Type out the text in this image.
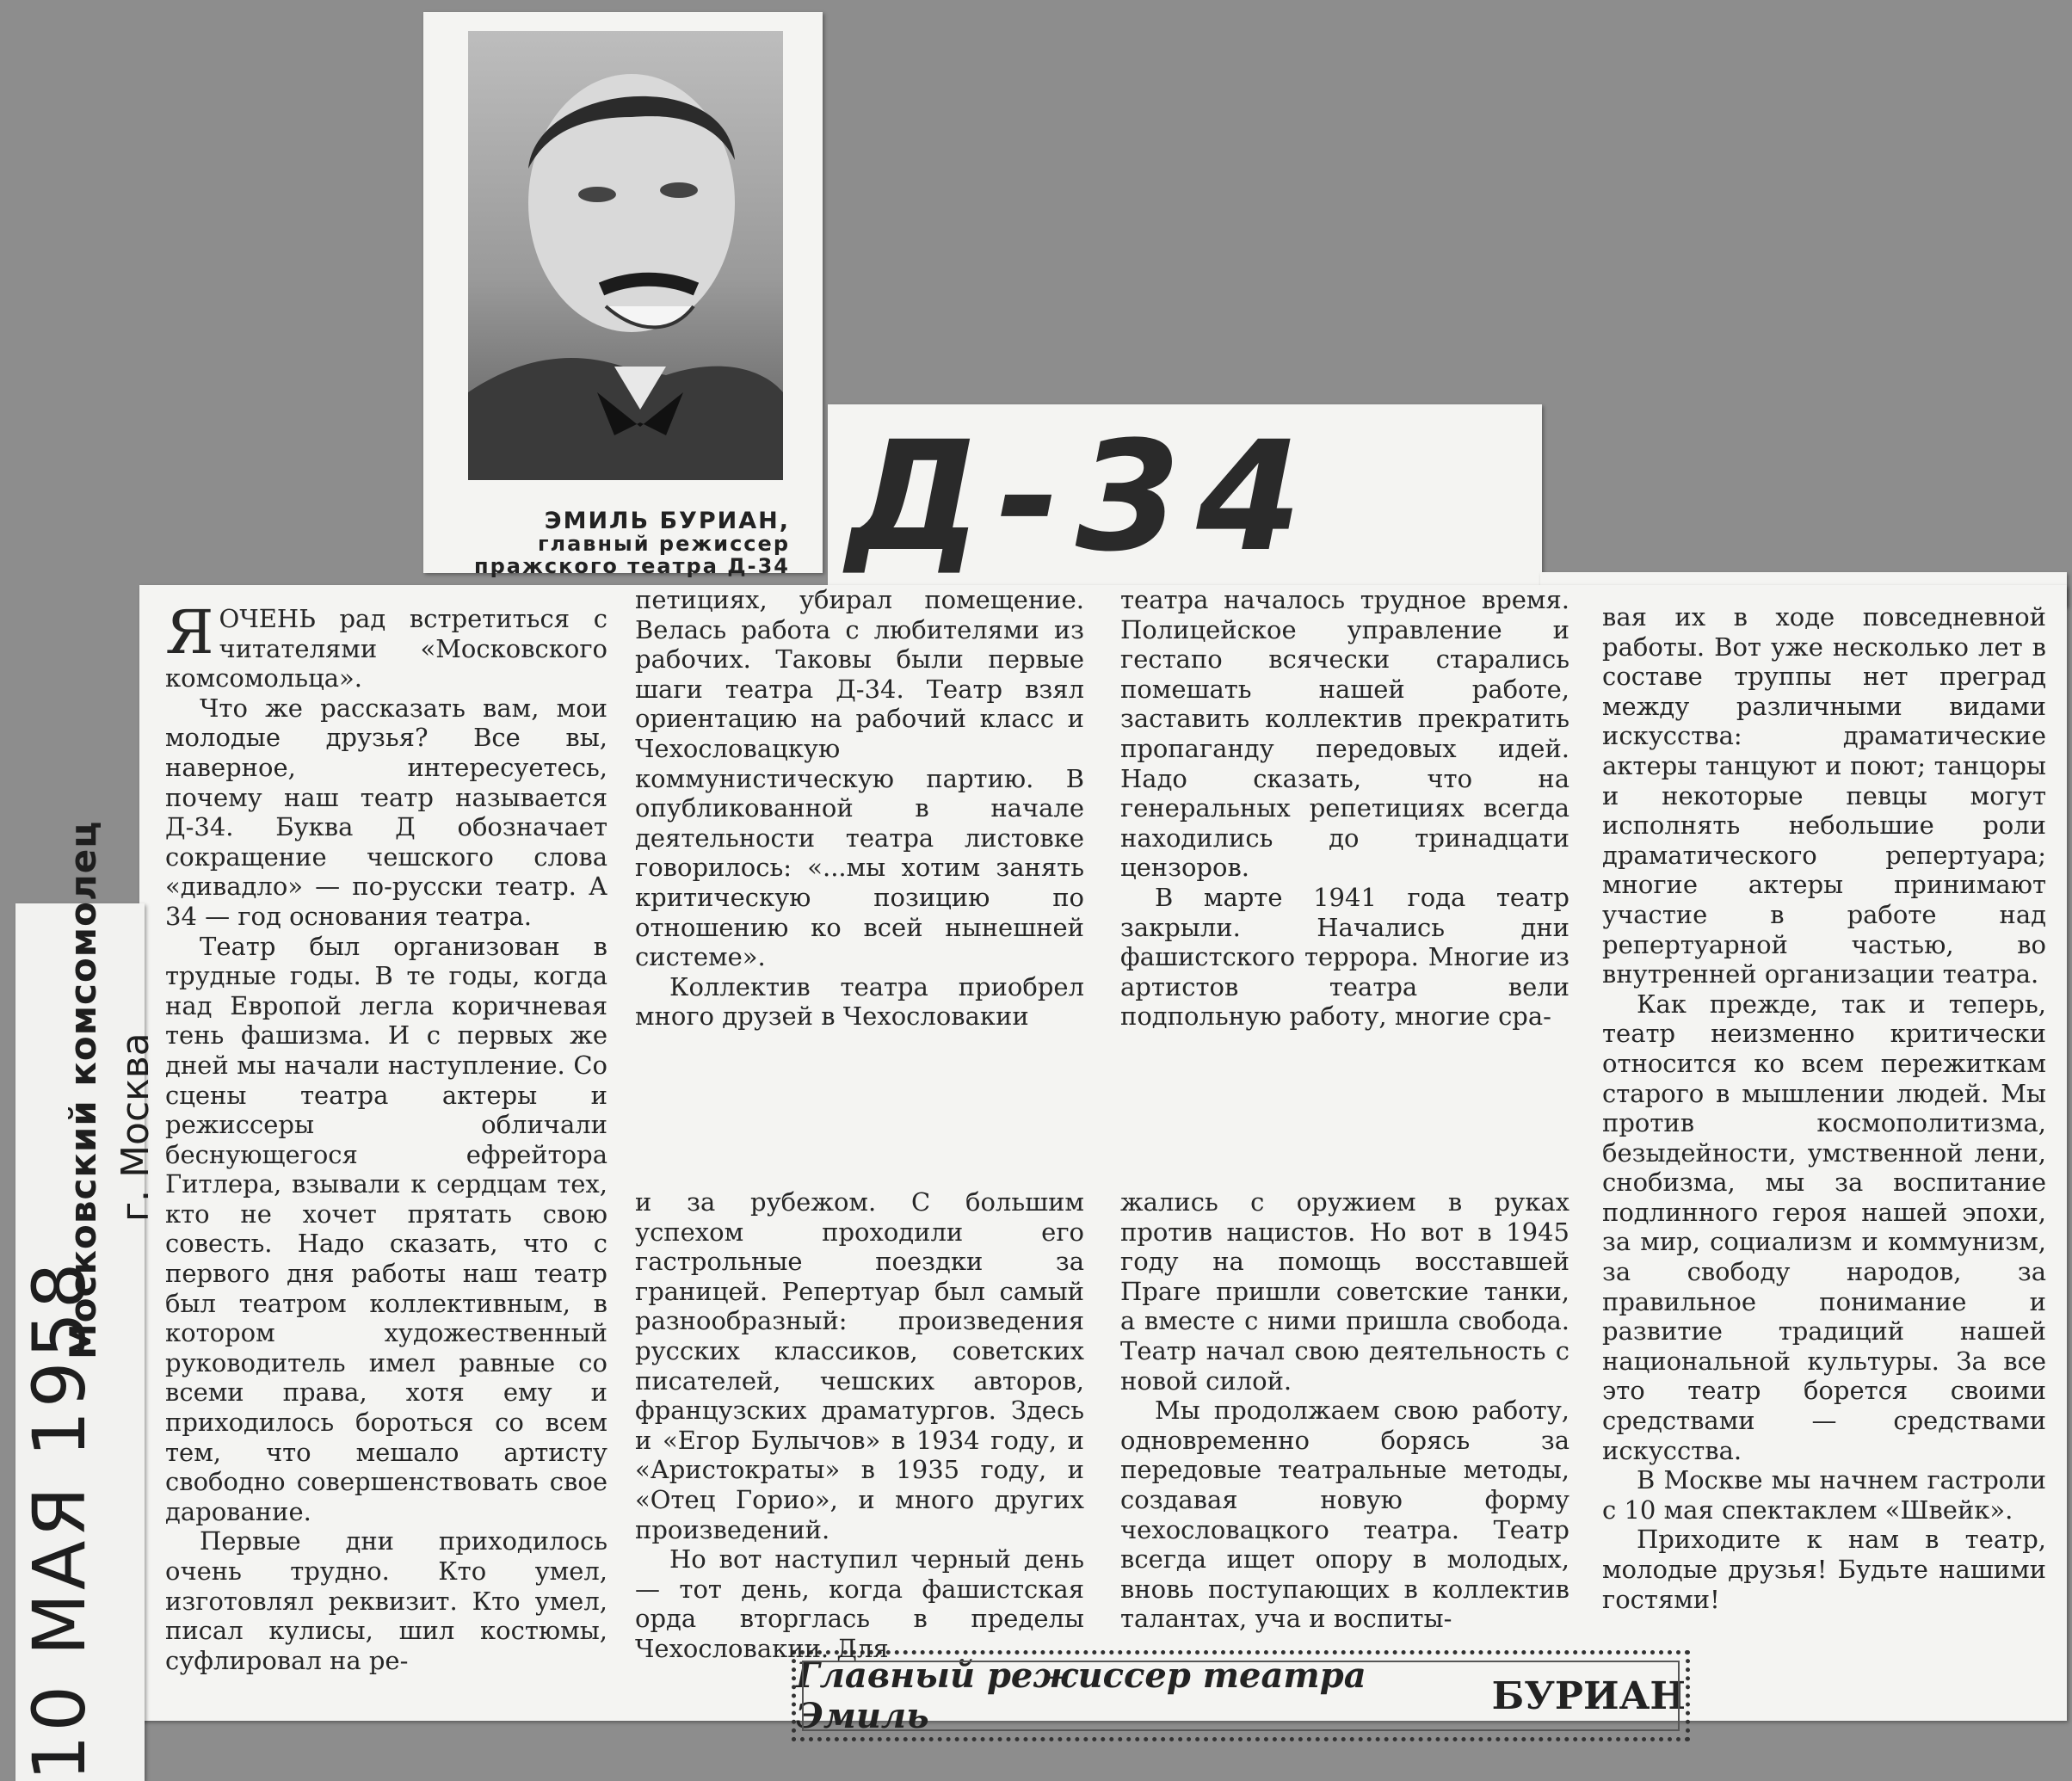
ЭМИЛЬ БУРИАН,
главный режиссер
пражского театра Д-34 Д-34

ЯОЧЕНЬ рад встретиться с читателями «Московского комсомольца».

Что же рассказать вам, мои молодые друзья? Все вы, наверное, интересуетесь, почему наш театр называется Д-34. Буква Д обозначает сокращение чешского слова «дивадло» — по-русски театр. А 34 — год основания театра.

Театр был организован в трудные годы. В те годы, когда над Европой легла коричневая тень фашизма. И с первых же дней мы начали наступление. Со сцены театра актеры и режиссеры обличали беснующегося ефрейтора Гитлера, взывали к сердцам тех, кто не хочет прятать свою совесть. Надо сказать, что с первого дня работы наш театр был театром коллективным, в котором художественный руководитель имел равные со всеми права, хотя ему и приходилось бороться со всем тем, что мешало артисту свободно совершенствовать свое дарование.

Первые дни приходилось очень трудно. Кто умел, изготовлял реквизит. Кто умел, писал кулисы, шил костюмы, суфлировал на ре-

петициях, убирал помещение. Велась работа с любителями из рабочих. Таковы были первые шаги театра Д-34. Театр взял ориентацию на рабочий класс и Чехословацкую коммунистическую партию. В опубликованной в начале деятельности театра листовке говорилось: «...мы хотим занять критическую позицию по отношению ко всей нынешней системе».

Коллектив театра приобрел много друзей в Чехословакии

театра началось трудное время. Полицейское управление и гестапо всячески старались помешать нашей работе, заставить коллектив прекратить пропаганду передовых идей. Надо сказать, что на генеральных репетициях всегда находились до тринадцати цензоров.

В марте 1941 года театр закрыли. Начались дни фашистского террора. Многие из артистов театра вели подпольную работу, многие сра-

Главный режиссер театра Эмиль	БУРИАН

и за рубежом. С большим успехом проходили его гастрольные поездки за границей. Репертуар был самый разнообразный: произведения русских классиков, советских писателей, чешских авторов, французских драматургов. Здесь и «Егор Булычов» в 1934 году, и «Аристократы» в 1935 году, и «Отец Горио», и много других произведений.

Но вот наступил черный день — тот день, когда фашистская орда вторглась в пределы Чехословакии. Для

жались с оружием в руках против нацистов. Но вот в 1945 году на помощь восставшей Праге пришли советские танки, а вместе с ними пришла свобода. Театр начал свою деятельность с новой силой.

Мы продолжаем свою работу, одновременно борясь за передовые театральные методы, создавая новую форму чехословацкого театра. Театр всегда ищет опору в молодых, вновь поступающих в коллектив талантах, уча и воспиты-

вая их в ходе повседневной работы. Вот уже несколько лет в составе труппы нет преград между различными видами искусства: драматические актеры танцуют и поют; танцоры и некоторые певцы могут исполнять небольшие роли драматического репертуара; многие актеры принимают участие в работе над репертуарной частью, во внутренней организации театра.

Как прежде, так и теперь, театр неизменно критически относится ко всем пережиткам старого в мышлении людей. Мы против космополитизма, безыдейности, умственной лени, снобизма, мы за воспитание подлинного героя нашей эпохи, за мир, социализм и коммунизм, за свободу народов, за правильное понимание и развитие традиций нашей национальной культуры. За все это театр борется своими средствами — средствами искусства.

В Москве мы начнем гастроли с 10 мая спектаклем «Швейк».

Приходите к нам в театр, молодые друзья! Будьте нашими гостями!

10 МАЯ 1958
Московский комсомолец г. Москва
